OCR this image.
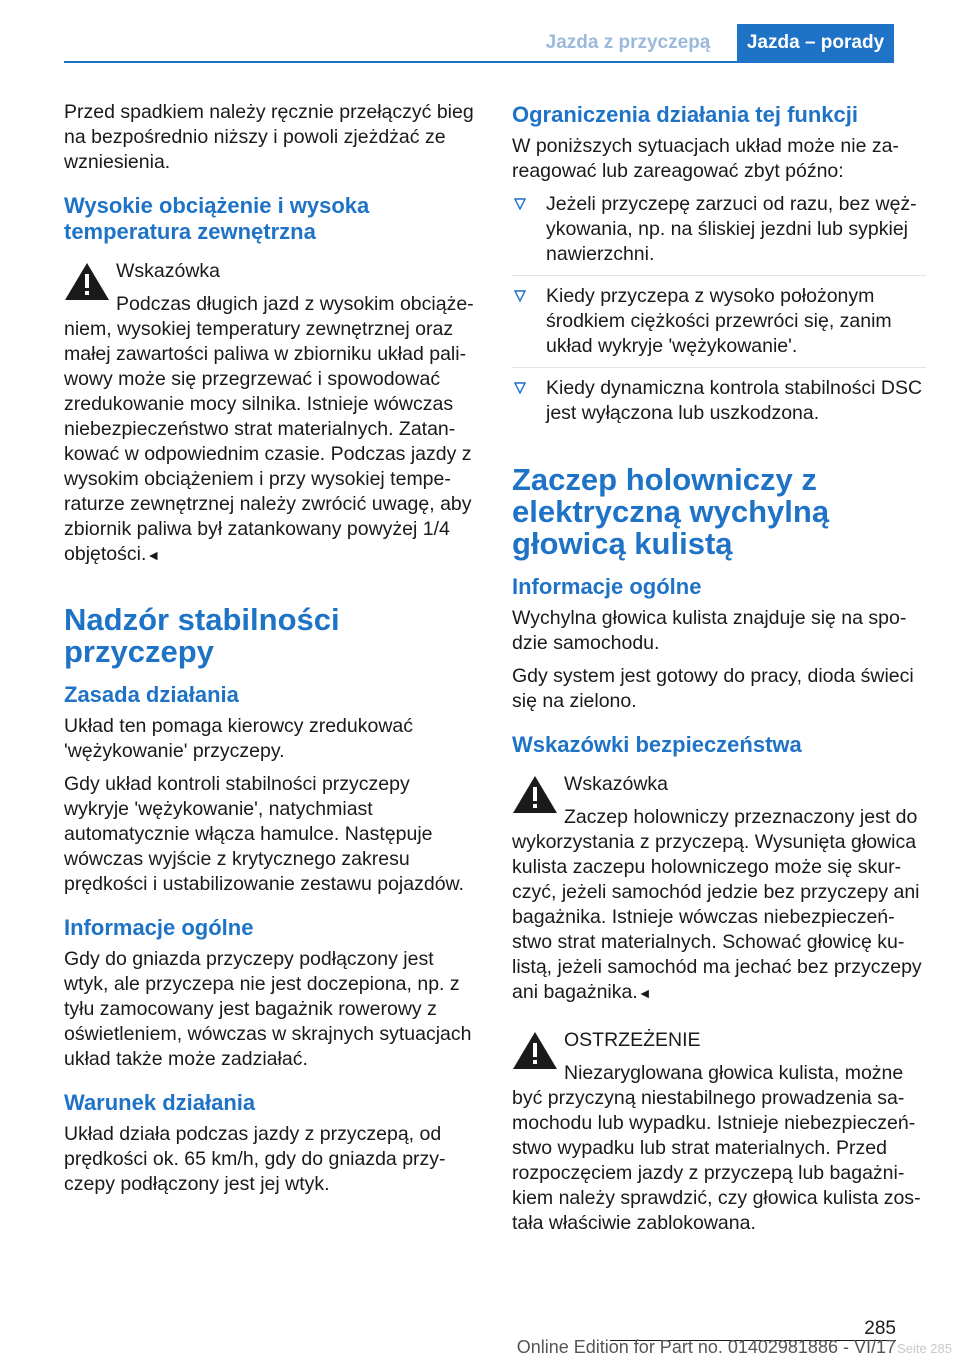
Jazda z przyczepą	Jazda – porady

Przed spadkiem należy ręcznie przełączyć bieg na bezpośrednio niższy i powoli zjeżdżać ze wzniesienia.

Wysokie obciążenie i wysoka temperatura zewnętrzna
Wskazówka
Podczas długich jazd z wysokim obciążeniem, wysokiej temperatury zewnętrznej oraz małej zawartości paliwa w zbiorniku układ paliwowy może się przegrzewać i spowodować zredukowanie mocy silnika. Istnieje wówczas niebezpieczeństwo strat materialnych. Zatankować w odpowiednim czasie. Podczas jazdy z wysokim obciążeniem i przy wysokiej temperaturze zewnętrznej należy zwrócić uwagę, aby zbiornik paliwa był zatankowany powyżej 1/4 objętości.◄
Nadzór stabilności przyczepy
Zasada działania

Układ ten pomaga kierowcy zredukować 'wężykowanie' przyczepy.

Gdy układ kontroli stabilności przyczepy wykryje 'wężykowanie', natychmiast automatycznie włącza hamulce. Następuje wówczas wyjście z krytycznego zakresu prędkości i ustabilizowanie zestawu pojazdów.

Informacje ogólne

Gdy do gniazda przyczepy podłączony jest wtyk, ale przyczepa nie jest doczepiona, np. z tyłu zamocowany jest bagażnik rowerowy z oświetleniem, wówczas w skrajnych sytuacjach układ także może zadziałać.

Warunek działania

Układ działa podczas jazdy z przyczepą, od prędkości ok. 65 km/h, gdy do gniazda przyczepy podłączony jest jej wtyk.

Ograniczenia działania tej funkcji

W poniższych sytuacjach układ może nie zareagować lub zareagować zbyt późno:

Jeżeli przyczepę zarzuci od razu, bez wężykowania, np. na śliskiej jezdni lub sypkiej nawierzchni.
Kiedy przyczepa z wysoko położonym środkiem ciężkości przewróci się, zanim układ wykryje 'wężykowanie'.
Kiedy dynamiczna kontrola stabilności DSC jest wyłączona lub uszkodzona.
Zaczep holowniczy z elektryczną wychylną głowicą kulistą
Informacje ogólne

Wychylna głowica kulista znajduje się na spodzie samochodu.

Gdy system jest gotowy do pracy, dioda świeci się na zielono.

Wskazówki bezpieczeństwa
Wskazówka
Zaczep holowniczy przeznaczony jest do wykorzystania z przyczepą. Wysunięta głowica kulista zaczepu holowniczego może się skurczyć, jeżeli samochód jedzie bez przyczepy ani bagażnika. Istnieje wówczas niebezpieczeństwo strat materialnych. Schować głowicę kulistą, jeżeli samochód ma jechać bez przyczepy ani bagażnika.◄
OSTRZEŻENIE
Niezaryglowana głowica kulista, możne być przyczyną niestabilnego prowadzenia samochodu lub wypadku. Istnieje niebezpieczeństwo wypadku lub strat materialnych. Przed rozpoczęciem jazdy z przyczepą lub bagażnikiem należy sprawdzić, czy głowica kulista została właściwie zablokowana.
285
Online Edition for Part no. 01402981886 - VI/17 Seite 285
